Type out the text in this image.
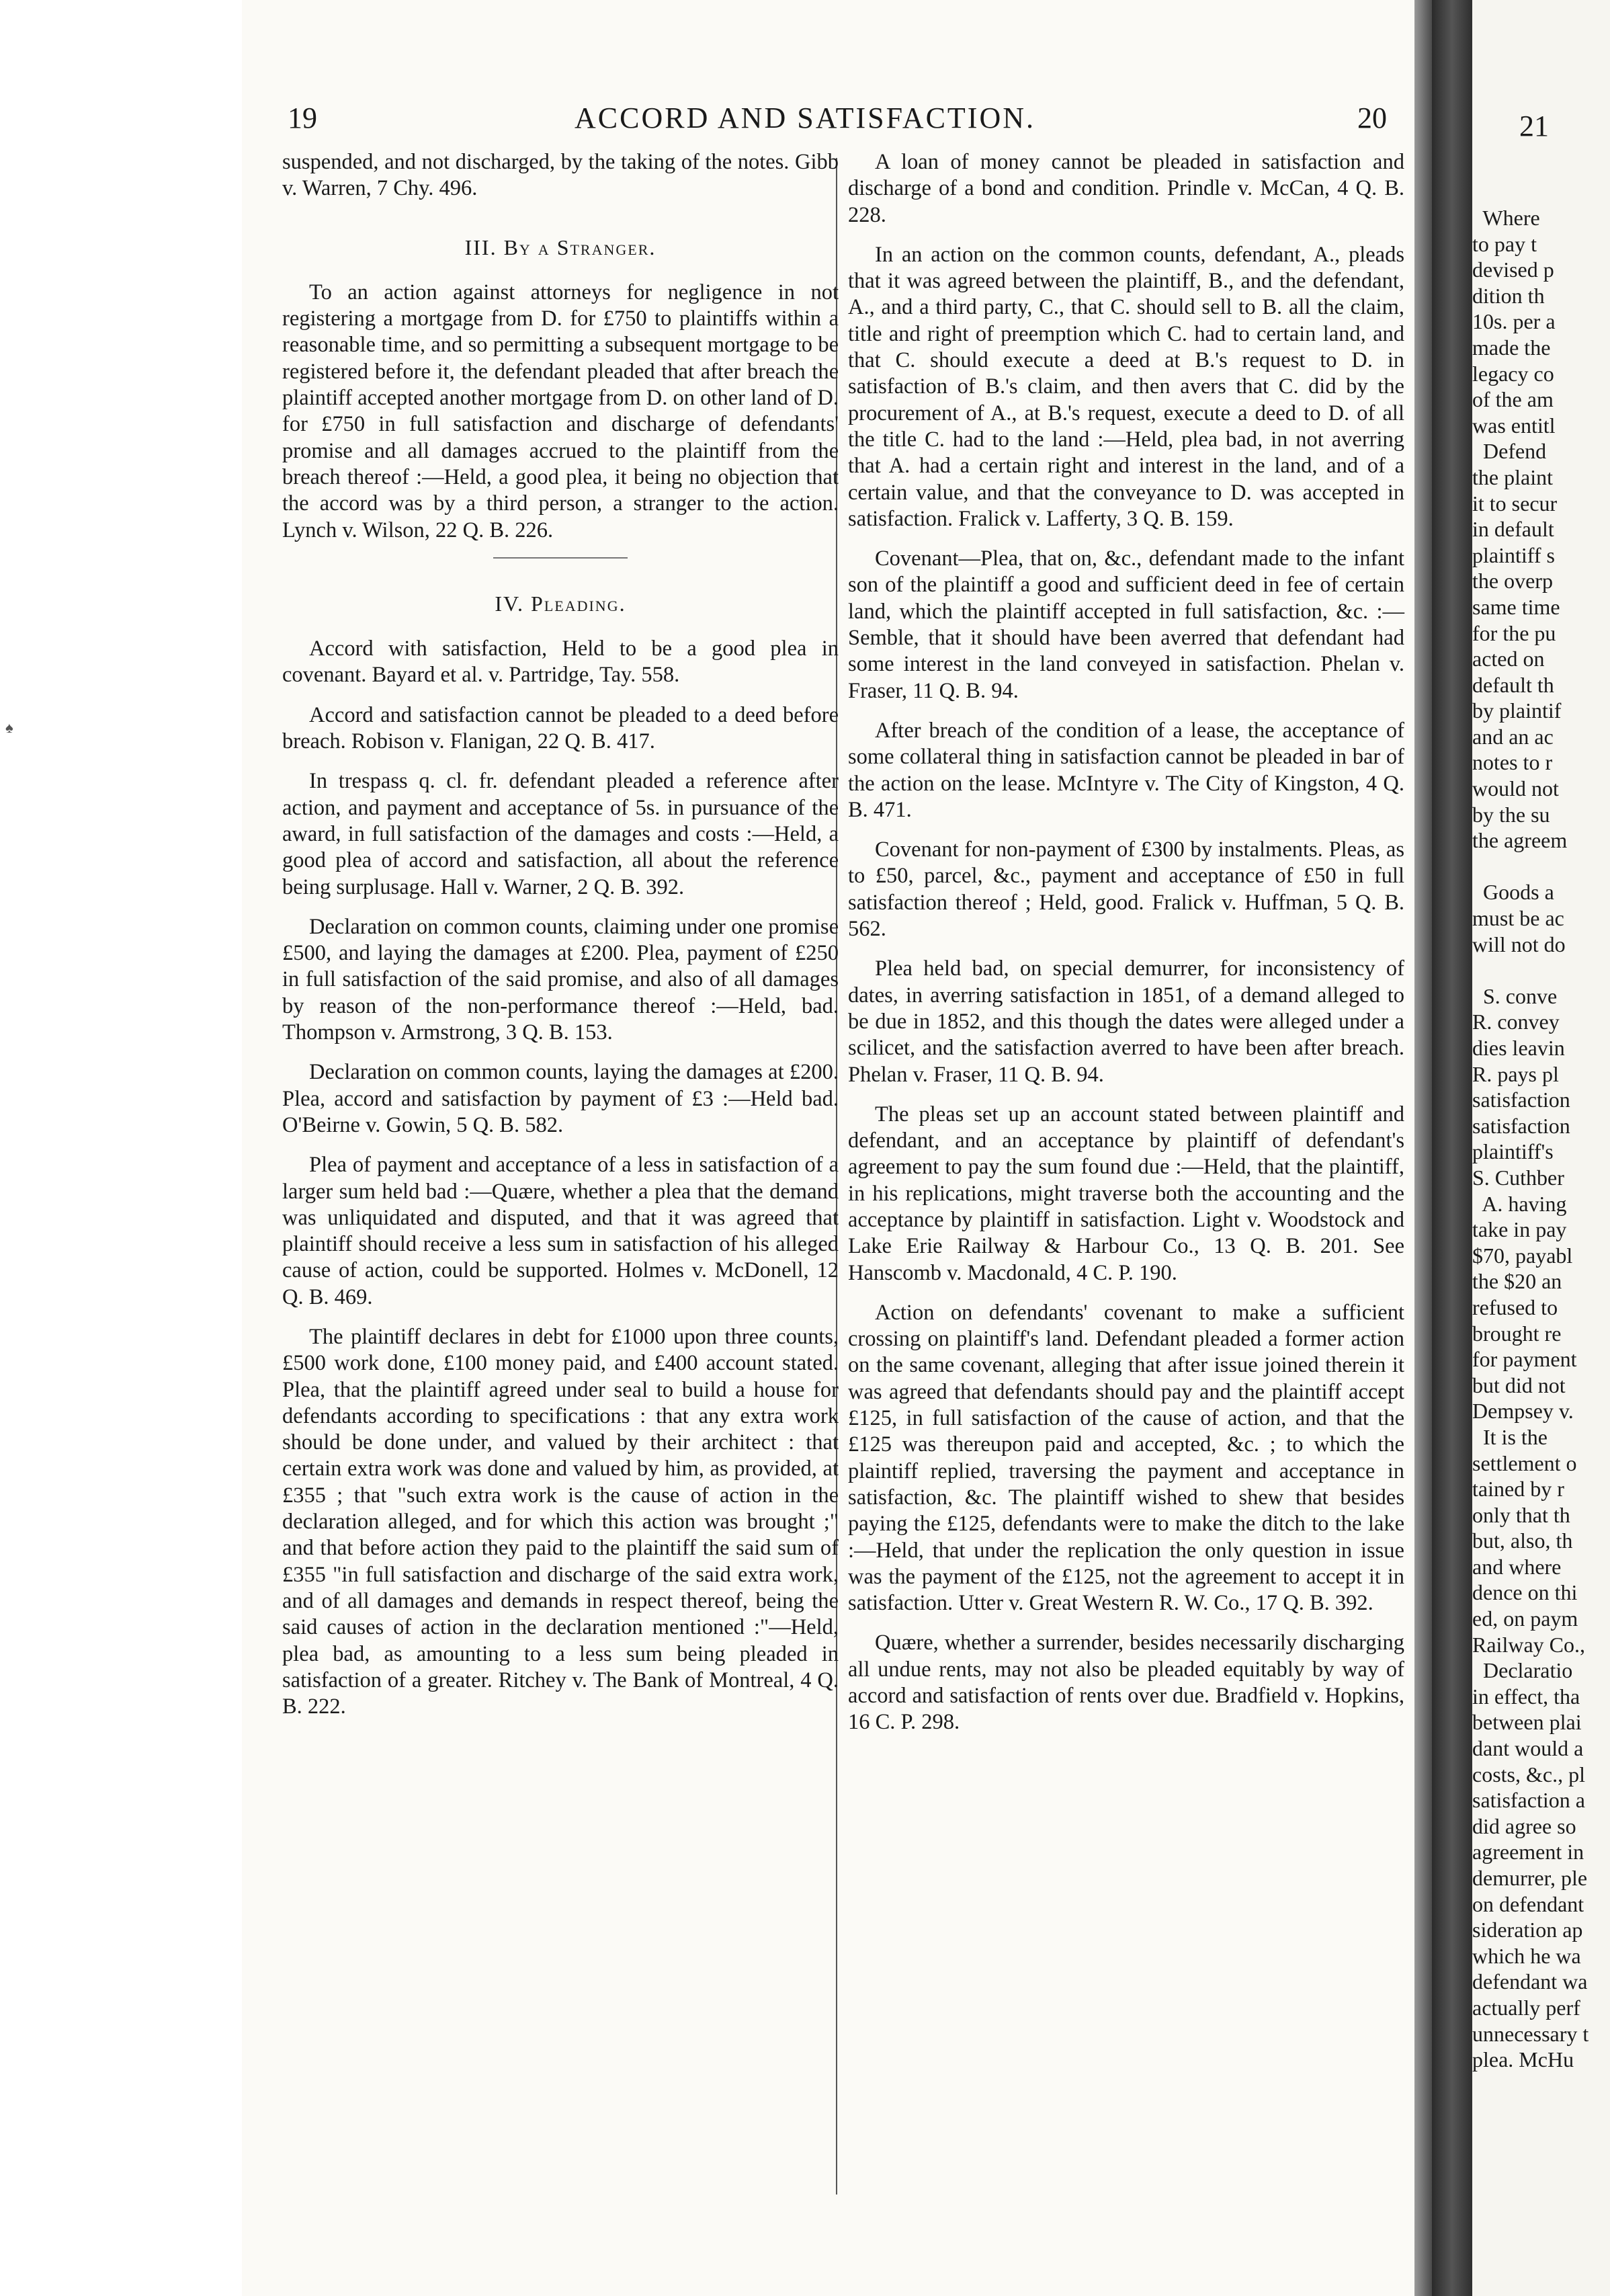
21
Where
to pay t
devised p
dition th
10s. per a
made the
legacy co
of the am
was entitl
Defend
the plaint
it to secur
in default
plaintiff s
the overp
same time
for the pu
acted on
default th
by plaintif
and an ac
notes to r
would not
by the su
the agreem

Goods a
must be ac
will not do

S. conve
R. convey
dies leavin
R. pays pl
satisfaction
satisfaction
plaintiff's
S. Cuthber
A. having
take in pay
$70, payabl
the $20 an
refused to
brought re
for payment
but did not
Dempsey v.
It is the
settlement o
tained by r
only that th
but, also, th
and where
dence on thi
ed, on paym
Railway Co.,
Declaratio
in effect, tha
between plai
dant would a
costs, &c., pl
satisfaction a
did agree so
agreement in
demurrer, ple
on defendant
sideration ap
which he wa
defendant wa
actually perf
unnecessary t
plea. McHu
♠
19	ACCORD AND SATISFACTION.	20

suspended, and not discharged, by the taking of the notes. Gibb v. Warren, 7 Chy. 496.

III. By a Stranger.

To an action against attorneys for negligence in not registering a mortgage from D. for £750 to plaintiffs within a reasonable time, and so permitting a subsequent mortgage to be registered before it, the defendant pleaded that after breach the plaintiff accepted another mortgage from D. on other land of D. for £750 in full satisfaction and discharge of defendants' promise and all damages accrued to the plaintiff from the breach thereof :—Held, a good plea, it being no objection that the accord was by a third person, a stranger to the action. Lynch v. Wilson, 22 Q. B. 226.

IV. Pleading.

Accord with satisfaction, Held to be a good plea in covenant. Bayard et al. v. Partridge, Tay. 558.

Accord and satisfaction cannot be pleaded to a deed before breach. Robison v. Flanigan, 22 Q. B. 417.

In trespass q. cl. fr. defendant pleaded a reference after action, and payment and acceptance of 5s. in pursuance of the award, in full satisfaction of the damages and costs :—Held, a good plea of accord and satisfaction, all about the reference being surplusage. Hall v. Warner, 2 Q. B. 392.

Declaration on common counts, claiming under one promise £500, and laying the damages at £200. Plea, payment of £250 in full satisfaction of the said promise, and also of all damages by reason of the non-performance thereof :—Held, bad. Thompson v. Armstrong, 3 Q. B. 153.

Declaration on common counts, laying the damages at £200. Plea, accord and satisfaction by payment of £3 :—Held bad. O'Beirne v. Gowin, 5 Q. B. 582.

Plea of payment and acceptance of a less in satisfaction of a larger sum held bad :—Quære, whether a plea that the demand was unliquidated and disputed, and that it was agreed that plaintiff should receive a less sum in satisfaction of his alleged cause of action, could be supported. Holmes v. McDonell, 12 Q. B. 469.

The plaintiff declares in debt for £1000 upon three counts, £500 work done, £100 money paid, and £400 account stated. Plea, that the plaintiff agreed under seal to build a house for defendants according to specifications : that any extra work should be done under, and valued by their architect : that certain extra work was done and valued by him, as provided, at £355 ; that "such extra work is the cause of action in the declaration alleged, and for which this action was brought ;" and that before action they paid to the plaintiff the said sum of £355 "in full satisfaction and discharge of the said extra work, and of all damages and demands in respect thereof, being the said causes of action in the declaration mentioned :"—Held, plea bad, as amounting to a less sum being pleaded in satisfaction of a greater. Ritchey v. The Bank of Montreal, 4 Q. B. 222.

A loan of money cannot be pleaded in satisfaction and discharge of a bond and condition. Prindle v. McCan, 4 Q. B. 228.

In an action on the common counts, defendant, A., pleads that it was agreed between the plaintiff, B., and the defendant, A., and a third party, C., that C. should sell to B. all the claim, title and right of preemption which C. had to certain land, and that C. should execute a deed at B.'s request to D. in satisfaction of B.'s claim, and then avers that C. did by the procurement of A., at B.'s request, execute a deed to D. of all the title C. had to the land :—Held, plea bad, in not averring that A. had a certain right and interest in the land, and of a certain value, and that the conveyance to D. was accepted in satisfaction. Fralick v. Lafferty, 3 Q. B. 159.

Covenant—Plea, that on, &c., defendant made to the infant son of the plaintiff a good and sufficient deed in fee of certain land, which the plaintiff accepted in full satisfaction, &c. :—Semble, that it should have been averred that defendant had some interest in the land conveyed in satisfaction. Phelan v. Fraser, 11 Q. B. 94.

After breach of the condition of a lease, the acceptance of some collateral thing in satisfaction cannot be pleaded in bar of the action on the lease. McIntyre v. The City of Kingston, 4 Q. B. 471.

Covenant for non-payment of £300 by instalments. Pleas, as to £50, parcel, &c., payment and acceptance of £50 in full satisfaction thereof ; Held, good. Fralick v. Huffman, 5 Q. B. 562.

Plea held bad, on special demurrer, for inconsistency of dates, in averring satisfaction in 1851, of a demand alleged to be due in 1852, and this though the dates were alleged under a scilicet, and the satisfaction averred to have been after breach. Phelan v. Fraser, 11 Q. B. 94.

The pleas set up an account stated between plaintiff and defendant, and an acceptance by plaintiff of defendant's agreement to pay the sum found due :—Held, that the plaintiff, in his replications, might traverse both the accounting and the acceptance by plaintiff in satisfaction. Light v. Woodstock and Lake Erie Railway & Harbour Co., 13 Q. B. 201. See Hanscomb v. Macdonald, 4 C. P. 190.

Action on defendants' covenant to make a sufficient crossing on plaintiff's land. Defendant pleaded a former action on the same covenant, alleging that after issue joined therein it was agreed that defendants should pay and the plaintiff accept £125, in full satisfaction of the cause of action, and that the £125 was thereupon paid and accepted, &c. ; to which the plaintiff replied, traversing the payment and acceptance in satisfaction, &c. The plaintiff wished to shew that besides paying the £125, defendants were to make the ditch to the lake :—Held, that under the replication the only question in issue was the payment of the £125, not the agreement to accept it in satisfaction. Utter v. Great Western R. W. Co., 17 Q. B. 392.

Quære, whether a surrender, besides necessarily discharging all undue rents, may not also be pleaded equitably by way of accord and satisfaction of rents over due. Bradfield v. Hopkins, 16 C. P. 298.
